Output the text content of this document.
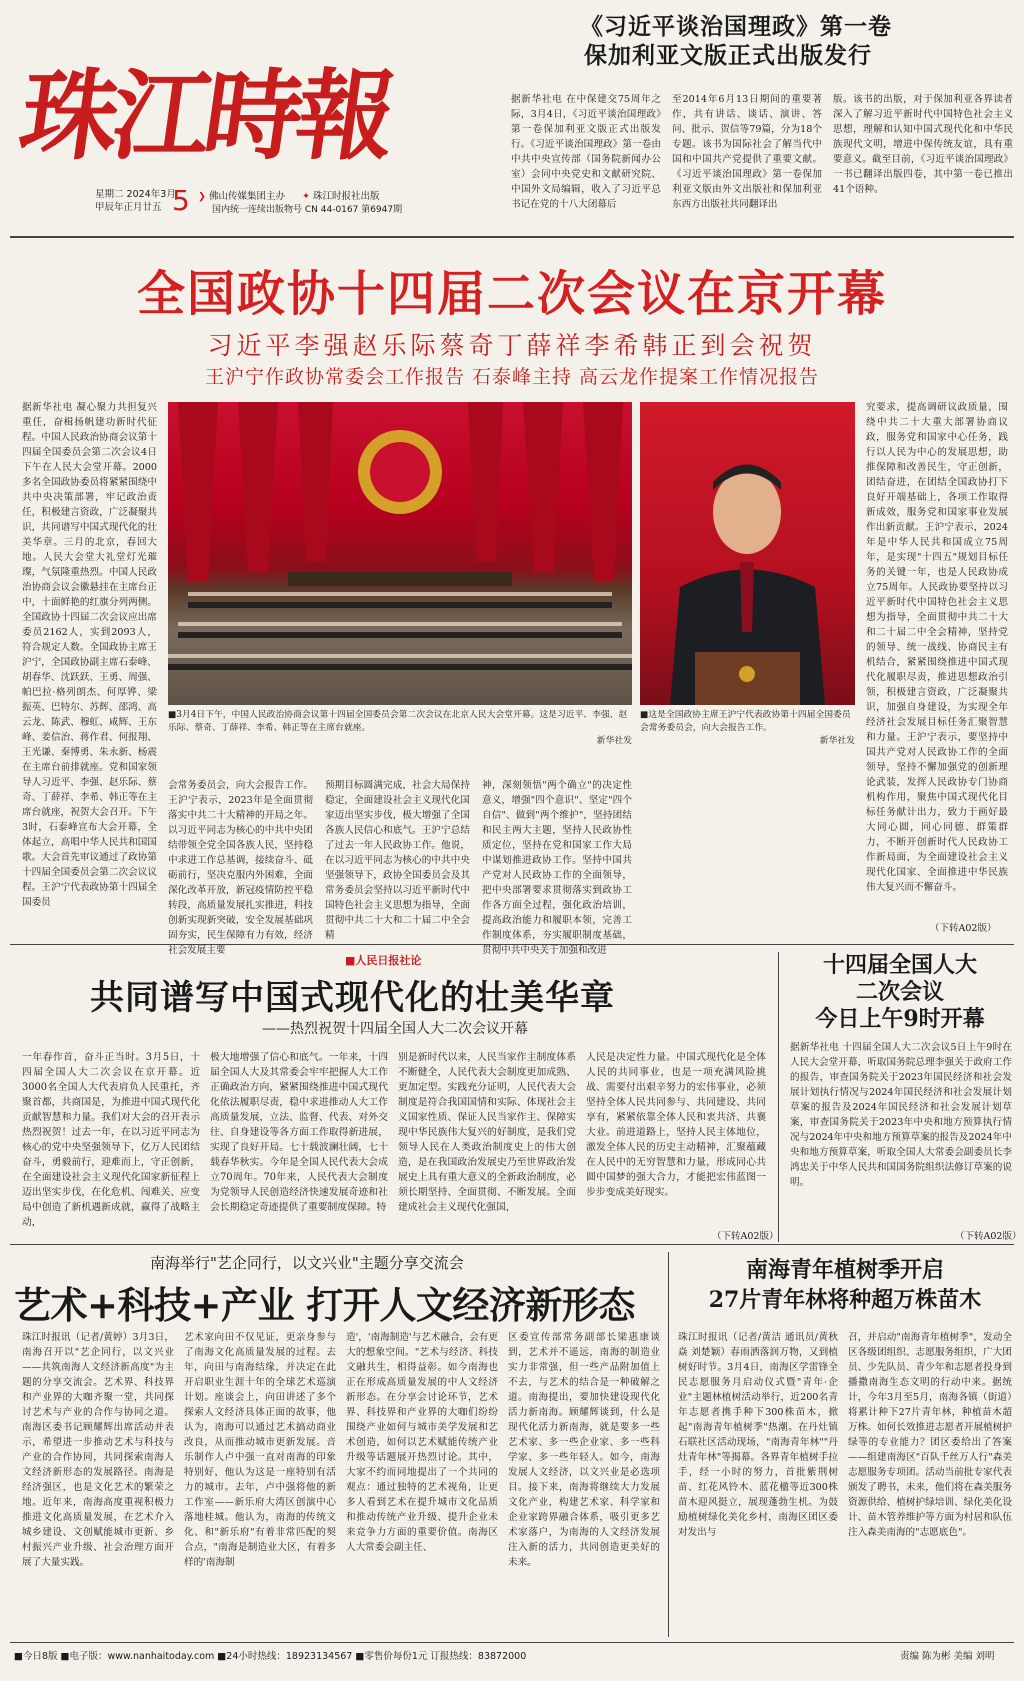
珠江時報
星期二 2024年3月
甲辰年正月廿五 5 ❯ 佛山传媒集团主办 ✦ 珠江时报社出版
国内统一连续出版物号 CN 44-0167 第6947期
《习近平谈治国理政》第一卷
保加利亚文版正式出版发行
据新华社电 在中保建交75周年之际，3月4日，《习近平谈治国理政》第一卷保加利亚文版正式出版发行。《习近平谈治国理政》第一卷由中共中央宣传部（国务院新闻办公室）会同中央党史和文献研究院、中国外文局编辑，收入了习近平总书记在党的十八大闭幕后
至2014年6月13日期间的重要著作，共有讲话、谈话、演讲、答问、批示、贺信等79篇，分为18个专题。该书为国际社会了解当代中国和中国共产党提供了重要文献。《习近平谈治国理政》第一卷保加利亚文版由外文出版社和保加利亚东西方出版社共同翻译出
版。该书的出版，对于保加利亚各界读者深入了解习近平新时代中国特色社会主义思想，理解和认知中国式现代化和中华民族现代文明，增进中保传统友谊，具有重要意义。截至目前，《习近平谈治国理政》一书已翻译出版四卷，其中第一卷已推出41个语种。
全国政协十四届二次会议在京开幕
习近平李强赵乐际蔡奇丁薛祥李希韩正到会祝贺
王沪宁作政协常委会工作报告 石泰峰主持 高云龙作提案工作情况报告
据新华社电 凝心聚力共担复兴重任，奋楫扬帆建功新时代征程。中国人民政治协商会议第十四届全国委员会第二次会议4日下午在人民大会堂开幕。2000多名全国政协委员将紧紧围绕中共中央决策部署，牢记政治责任，积极建言资政，广泛凝聚共识，共同谱写中国式现代化的壮美华章。三月的北京，春回大地。人民大会堂大礼堂灯光璀璨，气氛隆重热烈。中国人民政治协商会议会徽悬挂在主席台正中，十面鲜艳的红旗分列两侧。全国政协十四届二次会议应出席委员2162人，实到2093人，符合规定人数。全国政协主席王沪宁，全国政协副主席石泰峰、胡春华、沈跃跃、王勇、周强、帕巴拉·格列朗杰、何厚铧、梁振英、巴特尔、苏辉、邵鸿、高云龙、陈武、穆虹、咸辉、王东峰、姜信治、蒋作君、何报翔、王光谦、秦博勇、朱永新、杨震在主席台前排就座。党和国家领导人习近平、李强、赵乐际、蔡奇、丁薛祥、李希、韩正等在主席台就座，祝贺大会召开。下午3时，石泰峰宣布大会开幕，全体起立，高唱中华人民共和国国歌。大会首先审议通过了政协第十四届全国委员会第二次会议议程。王沪宁代表政协第十四届全国委员
■3月4日下午，中国人民政治协商会议第十四届全国委员会第二次会议在北京人民大会堂开幕。这是习近平、李强、赵乐际、蔡奇、丁薛祥、李希、韩正等在主席台就座。
新华社发
■这是全国政协主席王沪宁代表政协第十四届全国委员会常务委员会，向大会报告工作。
新华社发
究要求，提高调研议政质量，围绕中共二十大重大部署协商议政，服务党和国家中心任务，践行以人民为中心的发展思想，助推保障和改善民生，守正创新，团结奋进，在团结全国政协打下良好开端基础上，各项工作取得新成效，服务党和国家事业发展作出新贡献。王沪宁表示，2024年是中华人民共和国成立75周年，是实现"十四五"规划目标任务的关键一年，也是人民政协成立75周年。人民政协要坚持以习近平新时代中国特色社会主义思想为指导，全面贯彻中共二十大和二十届二中全会精神，坚持党的领导、统一战线、协商民主有机结合，紧紧围绕推进中国式现代化履职尽责，推进思想政治引领，积极建言资政，广泛凝聚共识，加强自身建设，为实现全年经济社会发展目标任务汇聚智慧和力量。王沪宁表示，要坚持中国共产党对人民政协工作的全面领导，坚持不懈加强党的创新理论武装，发挥人民政协专门协商机构作用，聚焦中国式现代化目标任务献计出力，致力于画好最大同心圆，同心同德、群策群力，不断开创新时代人民政协工作新局面，为全面建设社会主义现代化国家、全面推进中华民族伟大复兴而不懈奋斗。
（下转A02版）
会常务委员会，向大会报告工作。王沪宁表示，2023年是全面贯彻落实中共二十大精神的开局之年。以习近平同志为核心的中共中央团结带领全党全国各族人民，坚持稳中求进工作总基调，接续奋斗、砥砺前行，坚决克服内外困难，全面深化改革开放，新冠疫情防控平稳转段，高质量发展扎实推进，科技创新实现新突破，安全发展基础巩固夯实，民生保障有力有效，经济社会发展主要
预期目标圆满完成，社会大局保持稳定，全面建设社会主义现代化国家迈出坚实步伐，极大增强了全国各族人民信心和底气。王沪宁总结了过去一年人民政协工作。他说，在以习近平同志为核心的中共中央坚强领导下，政协全国委员会及其常务委员会坚持以习近平新时代中国特色社会主义思想为指导，全面贯彻中共二十大和二十届二中全会精
神，深刻领悟"两个确立"的决定性意义，增强"四个意识"、坚定"四个自信"、做到"两个维护"，坚持团结和民主两大主题，坚持人民政协性质定位，坚持在党和国家工作大局中谋划推进政协工作。坚持中国共产党对人民政协工作的全面领导，把中央部署要求贯彻落实到政协工作各方面全过程，强化政治培训，提高政治能力和履职本领，完善工作制度体系，夯实履职制度基础，贯彻中共中央关于加强和改进
■人民日报社论
共同谱写中国式现代化的壮美华章
——热烈祝贺十四届全国人大二次会议开幕
一年春作首，奋斗正当时。3月5日，十四届全国人大二次会议在京开幕。近3000名全国人大代表肩负人民重托，齐聚首都，共商国是，为推进中国式现代化贡献智慧和力量。我们对大会的召开表示热烈祝贺！过去一年，在以习近平同志为核心的党中央坚强领导下，亿万人民团结奋斗，勇毅前行，迎难而上，守正创新，在全面建设社会主义现代化国家新征程上迈出坚实步伐，在化危机、闯难关、应变局中创造了新机遇新成就，赢得了战略主动，
极大地增强了信心和底气。一年来，十四届全国人大及其常委会牢牢把握人大工作正确政治方向，紧紧围绕推进中国式现代化依法履职尽责，稳中求进推动人大工作高质量发展，立法、监督、代表、对外交往、自身建设等各方面工作取得新进展，实现了良好开局。七十载波澜壮阔，七十载春华秋实。今年是全国人民代表大会成立70周年。70年来，人民代表大会制度为党领导人民创造经济快速发展奇迹和社会长期稳定奇迹提供了重要制度保障。特
别是新时代以来，人民当家作主制度体系不断健全，人民代表大会制度更加成熟、更加定型。实践充分证明，人民代表大会制度是符合我国国情和实际、体现社会主义国家性质、保证人民当家作主、保障实现中华民族伟大复兴的好制度，是我们党领导人民在人类政治制度史上的伟大创造，是在我国政治发展史乃至世界政治发展史上具有重大意义的全新政治制度，必须长期坚持、全面贯彻、不断发展。全面建成社会主义现代化强国，
人民是决定性力量。中国式现代化是全体人民的共同事业，也是一项充满风险挑战、需要付出艰辛努力的宏伟事业，必须坚持全体人民共同参与、共同建设、共同享有，紧紧依靠全体人民和衷共济、共襄大业。前进道路上，坚持人民主体地位，激发全体人民的历史主动精神，汇聚蕴藏在人民中的无穷智慧和力量，形成同心共圆中国梦的强大合力，才能把宏伟蓝图一步步变成美好现实。
（下转A02版）
十四届全国人大
二次会议
今日上午9时开幕
据新华社电 十四届全国人大二次会议5日上午9时在人民大会堂开幕，听取国务院总理李强关于政府工作的报告，审查国务院关于2023年国民经济和社会发展计划执行情况与2024年国民经济和社会发展计划草案的报告及2024年国民经济和社会发展计划草案，审查国务院关于2023年中央和地方预算执行情况与2024年中央和地方预算草案的报告及2024年中央和地方预算草案，听取全国人大常委会副委员长李鸿忠关于中华人民共和国国务院组织法修订草案的说明。
（下转A02版）
南海举行"艺企同行，以文兴业"主题分享交流会
艺术+科技+产业 打开人文经济新形态
珠江时报讯（记者/黄婷）3月3日，南海召开以"艺企同行，以文兴业——共筑南海人文经济新高度"为主题的分享交流会。艺术界、科技界和产业界的大咖齐聚一堂，共同探讨艺术与产业的合作与协同之道。南海区委书记顾耀辉出席活动并表示，希望进一步推动艺术与科技与产业的合作协同，共同探索南海人文经济新形态的发展路径。南海是经济强区，也是文化艺术的繁荣之地。近年来，南海高度重视积极力推进文化高质量发展，在艺术介入城乡建设、文创赋能城市更新、乡村振兴产业升级、社会治理方面开展了大量实践。
艺术家向田不仅见证，更亲身参与了南海文化高质量发展的过程。去年，向田与南海结缘，并决定在此开启职业生涯十年的全球艺术巡演计划。座谈会上，向田讲述了多个探索人文经济具体正面的故事，他认为，南海可以通过艺术搞动商业改良，从而推动城市更新发展。音乐制作人卢中强一直对南海的印象特别好，他认为这是一座特别有活力的城市。去年，卢中强将他的新工作室——新乐府大湾区创演中心落地桂城。他认为，南海的传统文化、和"新乐府"有着非常匹配的契合点，"南海是制造业大区，有着多样的'南海制
造'，'南海制造'与艺术融合，会有更大的想象空间。"艺术与经济、科技文融共生，相得益彰。如今南海也正在形成高质量发展的中人文经济新形态。在分享会讨论环节，艺术界、科技界和产业界的大咖们纷纷围绕产业如何与城市美学发展和艺术创造，如何以艺术赋能传统产业升级等话题展开热烈讨论。其中，大家不约而同地提出了一个共同的观点：通过独特的艺术视角，让更多人看到艺术在提升城市文化品质和推动传统产业升级、提升企业未来竞争力方面的重要价值。南海区人大常委会副主任、
区委宣传部常务副部长梁惠康谈到，艺术并不遥远，南海的制造业实力非常强，但一些产品附加值上不去，与艺术的结合是一种破解之道。南海提出，要加快建设现代化活力新南海。顾耀辉谈到，什么是现代化活力新南海，就是要多一些艺术家、多一些企业家、多一些科学家、多一些年轻人。如今，南海发展人文经济，以文兴业是必选项目。接下来，南海将继续大力发展文化产业，构建艺术家、科学家和企业家跨界融合体系，吸引更多艺术家落户，为南海的人文经济发展注入新的活力，共同创造更美好的未来。
南海青年植树季开启
27片青年林将种超万株苗木
珠江时报讯（记者/黄洁 通讯员/黄秋焱 刘楚颖）春雨洒落润万物，又到植树好时节。3月4日，南海区学雷锋全民志愿服务月启动仪式暨"青年·企业"主题林植树活动举行，近200名青年志愿者携手种下300株苗木，掀起"南海青年植树季"热潮。在丹灶镇石联社区活动现场，"南海青年林""丹灶青年林"等揭幕。各界青年植树手拉手，经一小时的努力，首批紫荆树苗、红花风铃木、蓝花楹等近300株苗木迎风挺立，展现蓬勃生机。为鼓励植树绿化美化乡村，南海区团区委对发出与
召，并启动"南海青年植树季"，发动全区各级团组织、志愿服务组织，广大团员、少先队员、青少年和志愿者投身到播撒南海生态文明的行动中来。据统计，今年3月至5月，南海各镇（街道）将累计种下27片青年林，种植苗木超万株。如何长效推进志愿者开展植树护绿等的专业能力？团区委给出了答案——组建南海区"百队千丝万人行"森美志愿服务专项团。活动当前批专家代表颁发了聘书，未来，他们将在森美服务资源供给、植树护绿培训、绿化美化设计、苗木管养维护等方面为村居和队伍注入森美南海的"志愿底色"。
■今日8版 ■电子版：www.nanhaitoday.com ■24小时热线：18923134567 ■零售价每份1元 订报热线：83872000	责编 陈为彬 美编 刘明
